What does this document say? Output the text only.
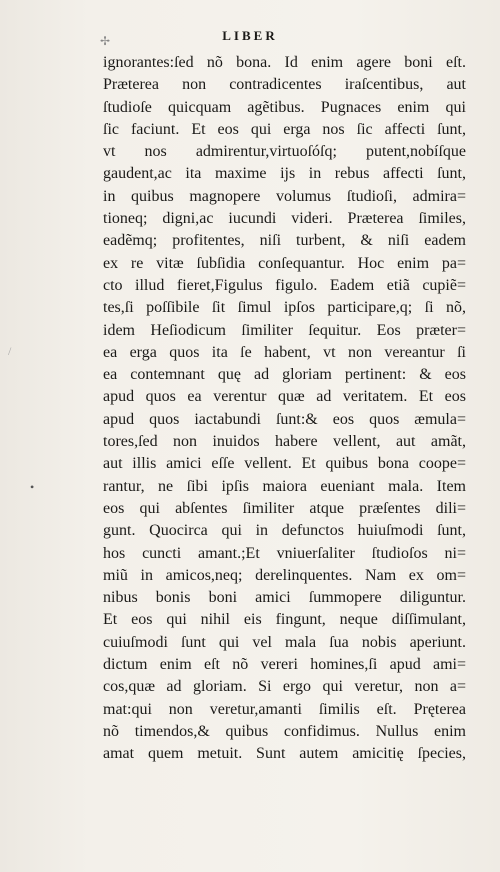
✢	LIBER
ignorantes:ſed nõ bona. Id enim agere boni eſt.
Præterea non contradicentes iraſcentibus, aut
ſtudioſe quicquam agẽtibus. Pugnaces enim qui
ſic faciunt. Et eos qui erga nos ſic affecti ſunt,
vt nos admirentur,virtuoſóſq; putent,nobíſque
gaudent,ac ita maxime ijs in rebus affecti ſunt,
in quibus magnopere volumus ſtudioſi, admira=
tioneq; digni,ac iucundi videri. Præterea ſimiles,
eadẽmq; profitentes, niſi turbent, & niſi eadem
ex re vitæ ſubſidia conſequantur. Hoc enim pa=
cto illud fieret,Figulus figulo. Eadem etiã cupiẽ=
tes,ſi poſſibile ſit ſimul ipſos participare,q; ſi nõ,
idem Heſiodicum ſimiliter ſequitur. Eos præter=
ea erga quos ita ſe habent, vt non vereantur ſi
ea contemnant quę ad gloriam pertinent: & eos
apud quos ea verentur quæ ad veritatem. Et eos
apud quos iactabundi ſunt:& eos quos æmula=
tores,ſed non inuidos habere vellent, aut amãt,
aut illis amici eſſe vellent. Et quibus bona coope=
rantur, ne ſibi ipſis maiora eueniant mala. Item
eos qui abſentes ſimiliter atque præſentes dili=
gunt. Quocirca qui in defunctos huiuſmodi ſunt,
hos cuncti amant.;Et vniuerſaliter ſtudioſos ni=
miũ in amicos,neq; derelinquentes. Nam ex om=
nibus bonis boni amici ſummopere diliguntur.
Et eos qui nihil eis fingunt, neque diſſimulant,
cuiuſmodi ſunt qui vel mala ſua nobis aperiunt.
dictum enim eſt nõ vereri homines,ſi apud ami=
cos,quæ ad gloriam. Si ergo qui veretur, non a=
mat:qui non veretur,amanti ſimilis eſt. Pręterea
nõ timendos,& quibus confidimus. Nullus enim
amat quem metuit. Sunt autem amicitię ſpecies,
•
/
